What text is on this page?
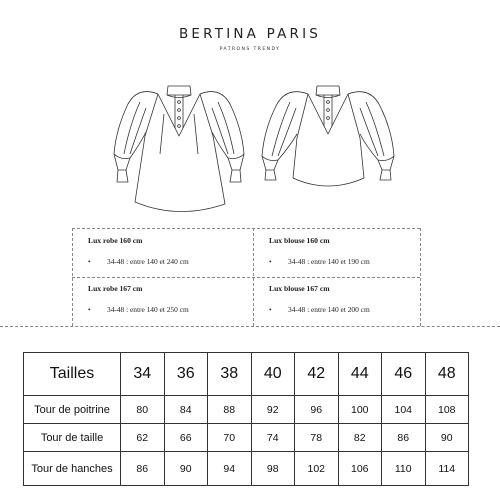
BERTINA PARIS
PATRONS TRENDY
Lux robe 160 cm
• 34-48 : entre 140 et 240 cm
Lux blouse 160 cm
• 34-48 : entre 140 et 190 cm
Lux robe 167 cm
• 34-48 : entre 140 et 250 cm
Lux blouse 167 cm
• 34-48 : entre 140 et 200 cm
Tailles	34	36	38	40	42	44	46	48
Tour de poitrine	80	84	88	92	96	100	104	108
Tour de taille	62	66	70	74	78	82	86	90
Tour de hanches	86	90	94	98	102	106	110	114
